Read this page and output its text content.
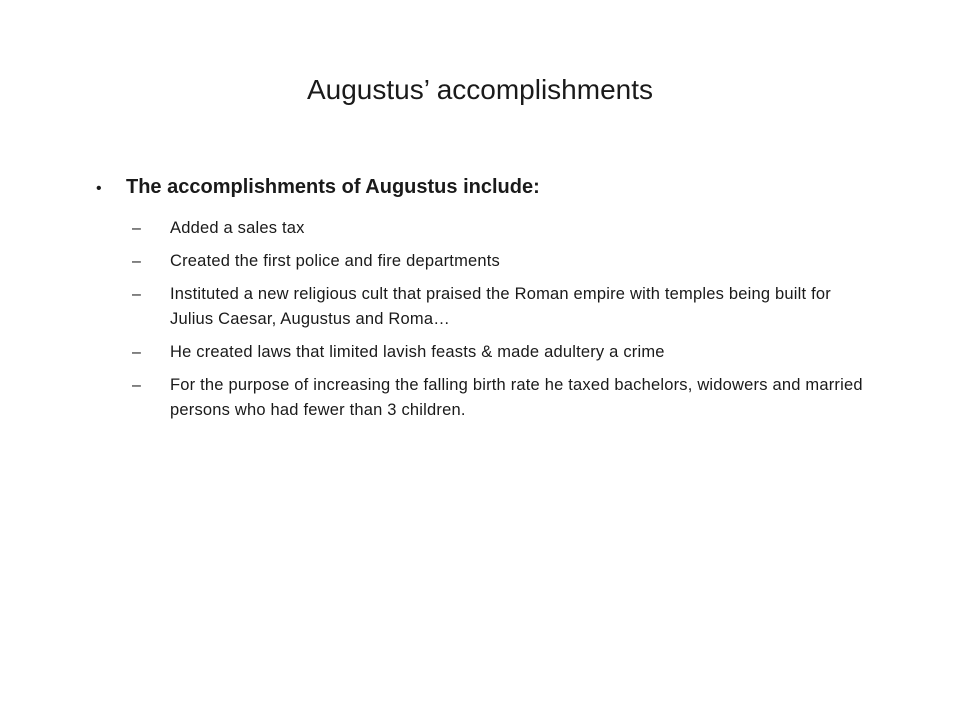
Augustus’ accomplishments
•	The accomplishments of Augustus include:
–	Added a sales tax
–	Created the first police and fire departments
–	Instituted a new religious cult that praised the Roman empire with temples being built for Julius Caesar, Augustus and Roma…
–	He created laws that limited lavish feasts & made adultery a crime
–	For the purpose of increasing the falling birth rate he taxed bachelors, widowers and married persons who had fewer than 3 children.
